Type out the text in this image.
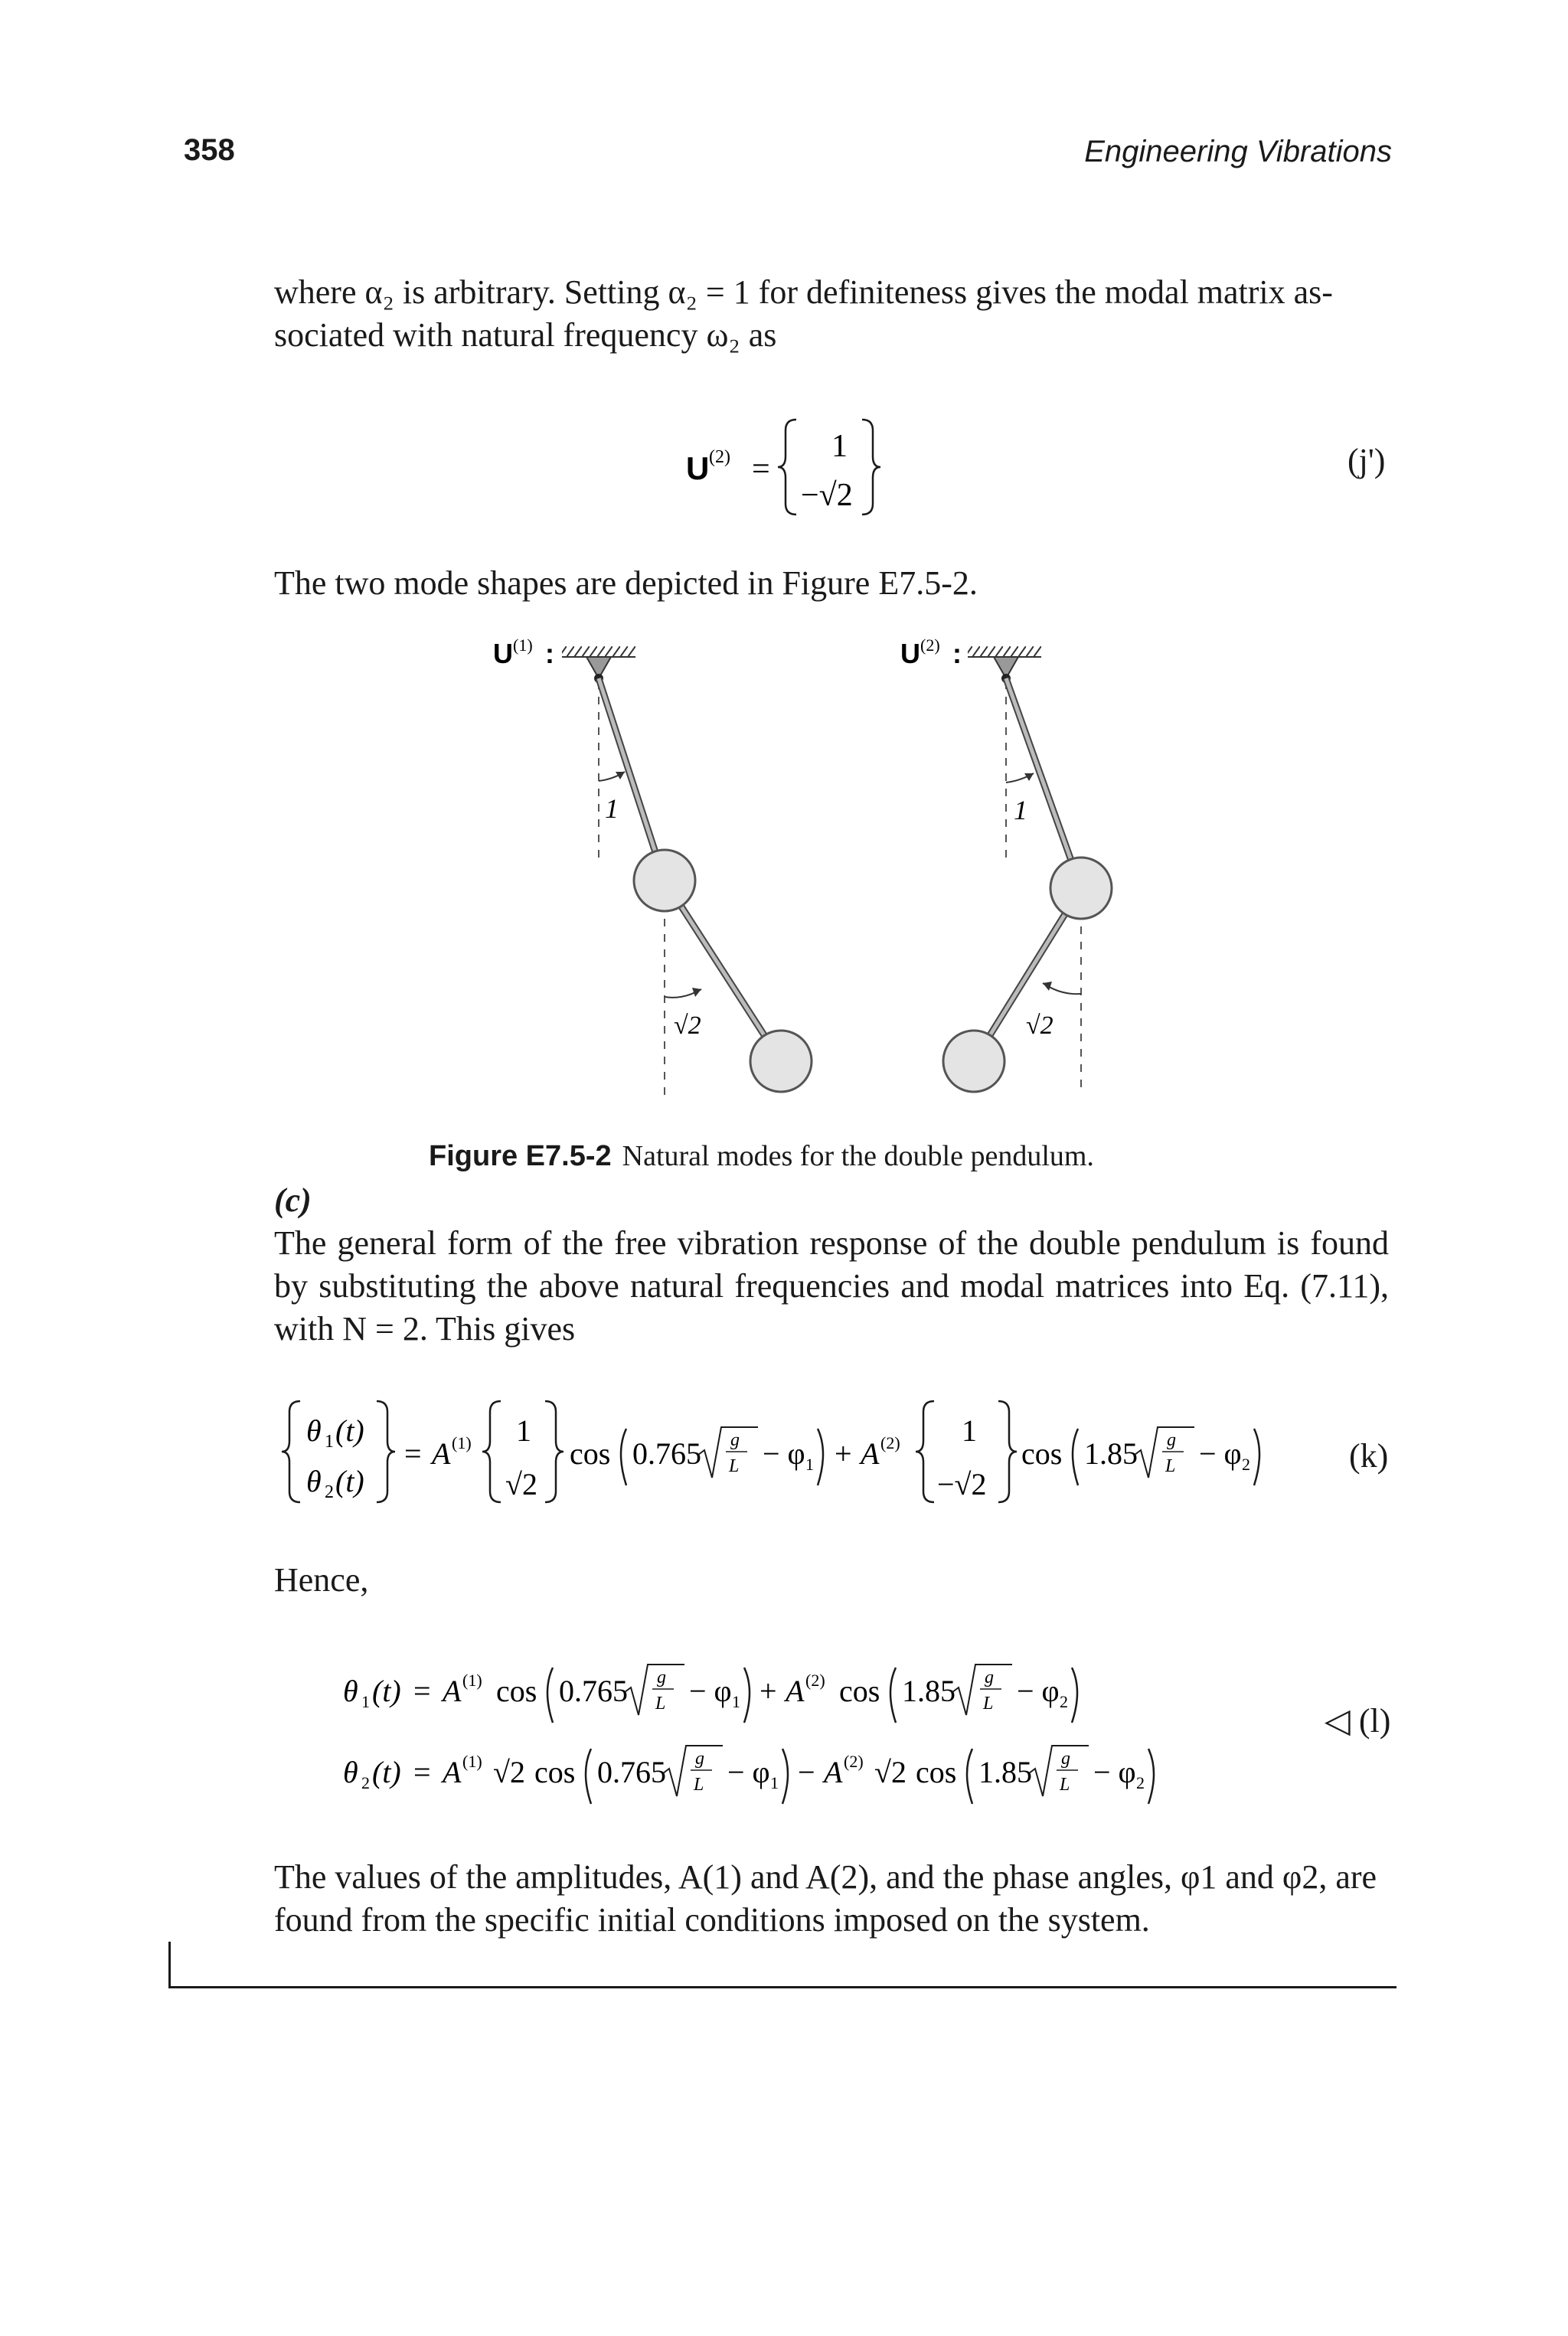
358	Engineering Vibrations
where α₂ is arbitrary. Setting α₂ = 1 for definiteness gives the modal matrix as-
sociated with natural frequency ω₂ as
U (2) =
1
−√2
(j')
The two mode shapes are depicted in Figure E7.5-2.
U (1) :
1
√2
U (2) :
1
√2
Figure E7.5-2 Natural modes for the double pendulum.
(c)
The general form of the free vibration response of the double pendulum is found by substituting the above natural frequencies and modal matrices into Eq. (7.11), with N = 2. This gives
θ 1 (t)
θ 2 (t)
= A (1) 1
√2
cos 0.765 g
L − φ 1 + A (2) 1
−√2
cos 1.85 g
L − φ 2	(k)
Hence,
θ 1 (t) = A (1) cos 0.765 g
L − φ 1 + A (2) cos 1.85 g
L − φ 2
θ 2 (t) = A (1) √2 cos 0.765 g
L − φ 1 − A (2) √2 cos 1.85 g
L − φ 2
◁ (l)
The values of the amplitudes, A(1) and A(2), and the phase angles, φ1 and φ2, are
found from the specific initial conditions imposed on the system.
